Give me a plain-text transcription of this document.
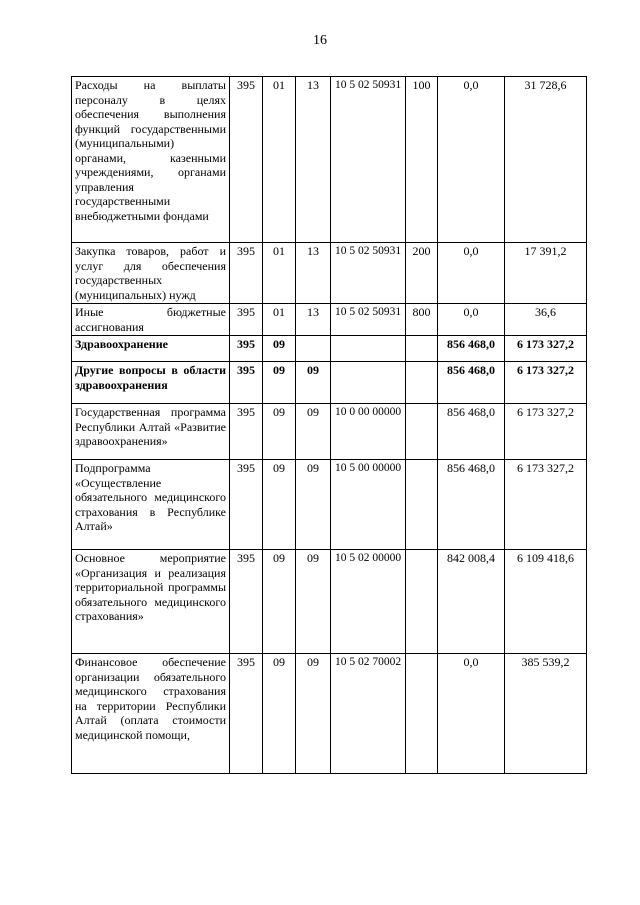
16
Расходы на выплаты персоналу в целях обеспечения выполнения функций государственными (муниципальными) органами, казенными учреждениями, органами управления государственными внебюджетными фондами	395	01	13	10 5 02 50931	100	0,0	31 728,6
Закупка товаров, работ и услуг для обеспечения государственных (муниципальных) нужд	395	01	13	10 5 02 50931	200	0,0	17 391,2
Иные бюджетные ассигнования	395	01	13	10 5 02 50931	800	0,0	36,6
Здравоохранение	395	09				856 468,0	6 173 327,2
Другие вопросы в области здравоохранения	395	09	09			856 468,0	6 173 327,2
Государственная программа Республики Алтай «Развитие здравоохранения»	395	09	09	10 0 00 00000		856 468,0	6 173 327,2
Подпрограмма «Осуществление обязательного медицинского страхования в Республике Алтай»	395	09	09	10 5 00 00000		856 468,0	6 173 327,2
Основное мероприятие «Организация и реализация территориальной программы обязательного медицинского страхования»	395	09	09	10 5 02 00000		842 008,4	6 109 418,6
Финансовое обеспечение организации обязательного медицинского страхования на территории Республики Алтай (оплата стоимости медицинской помощи,	395	09	09	10 5 02 70002		0,0	385 539,2
